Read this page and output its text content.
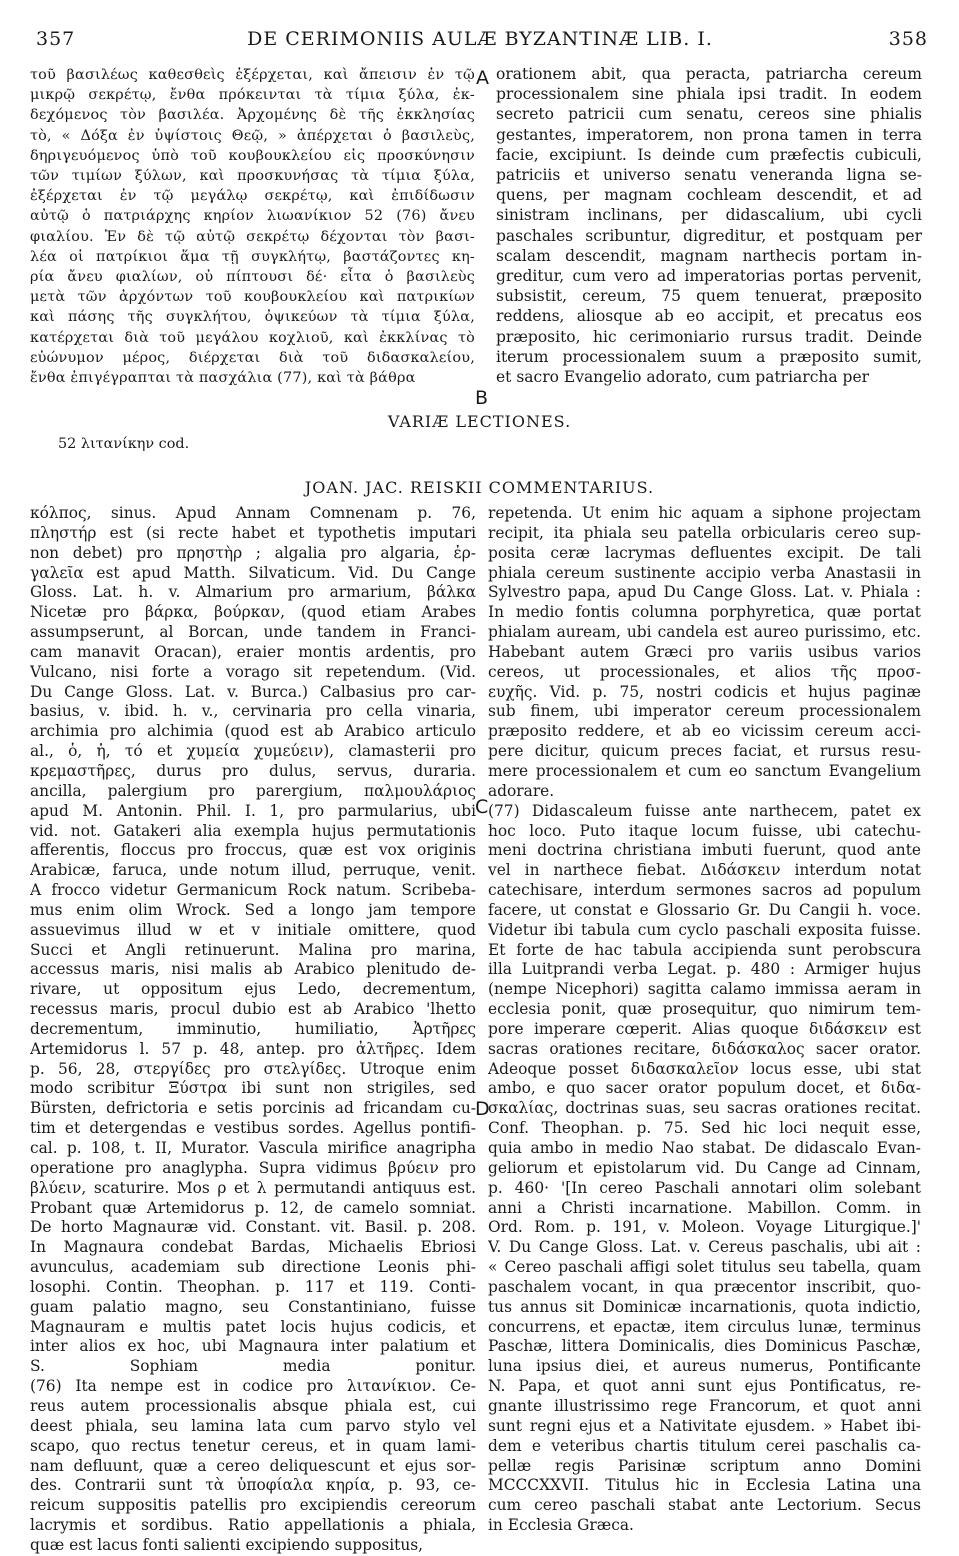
357	DE CERIMONIIS AULÆ BYZANTINÆ LIB. I.	358
τοῦ βασιλέως καθεσθεὶς ἐξέρχεται, καὶ ἄπεισιν ἐν τῷ
μικρῷ σεκρέτῳ, ἔνθα πρόκεινται τὰ τίμια ξύλα, ἐκ-
δεχόμενος τὸν βασιλέα. Ἀρχομένης δὲ τῆς ἐκκλησίας
τὸ, « Δόξα ἐν ὑψίστοις Θεῷ, » ἀπέρχεται ὁ βασιλεὺς,
δηριγευόμενος ὑπὸ τοῦ κουβουκλείου εἰς προσκύνησιν
τῶν τιμίων ξύλων, καὶ προσκυνήσας τὰ τίμια ξύλα,
ἐξέρχεται ἐν τῷ μεγάλῳ σεκρέτῳ, καὶ ἐπιδίδωσιν
αὐτῷ ὁ πατριάρχης κηρίον λιωανίκιον 52 (76) ἄνευ
φιαλίου. Ἐν δὲ τῷ αὐτῷ σεκρέτῳ δέχονται τὸν βασι-
λέα οἱ πατρίκιοι ἅμα τῇ συγκλήτῳ, βαστάζοντες κη-
ρία ἄνευ φιαλίων, οὐ πίπτουσι δέ· εἶτα ὁ βασιλεὺς
μετὰ τῶν ἀρχόντων τοῦ κουβουκλείου καὶ πατρικίων
καὶ πάσης τῆς συγκλήτου, ὀψικεύων τὰ τίμια ξύλα,
κατέρχεται διὰ τοῦ μεγάλου κοχλιοῦ, καὶ ἐκκλίνας τὸ
εὐώνυμον μέρος, διέρχεται διὰ τοῦ διδασκαλείου,
ἔνθα ἐπιγέγραπται τὰ πασχάλια (77), καὶ τὰ βάθρα
orationem abit, qua peracta, patriarcha cereum
processionalem sine phiala ipsi tradit. In eodem
secreto patricii cum senatu, cereos sine phialis
gestantes, imperatorem, non prona tamen in terra
facie, excipiunt. Is deinde cum præfectis cubiculi,
patriciis et universo senatu veneranda ligna se-
quens, per magnam cochleam descendit, et ad
sinistram inclinans, per didascalium, ubi cycli
paschales scribuntur, digreditur, et postquam per
scalam descendit, magnam narthecis portam in-
greditur, cum vero ad imperatorias portas pervenit,
subsistit, cereum, 75 quem tenuerat, præposito
reddens, aliosque ab eo accipit, et precatus eos
præposito, hic cerimoniario rursus tradit. Deinde
iterum processionalem suum a præposito sumit,
et sacro Evangelio adorato, cum patriarcha per
A
B
C
D
VARIÆ LECTIONES.
52 λιτανίκην cod.
JOAN. JAC. REISKII COMMENTARIUS.
κόλπος, sinus. Apud Annam Comnenam p. 76,
πληστήρ est (si recte habet et typothetis imputari
non debet) pro πρηστὴρ ; algalia pro algaria, ἐρ-
γαλεῖα est apud Matth. Silvaticum. Vid. Du Cange
Gloss. Lat. h. v. Almarium pro armarium, βάλκα
Nicetæ pro βάρκα, βούρκαν, (quod etiam Arabes
assumpserunt, al Borcan, unde tandem in Franci-
cam manavit Oracan), eraier montis ardentis, pro
Vulcano, nisi forte a vorago sit repetendum. (Vid.
Du Cange Gloss. Lat. v. Burca.) Calbasius pro car-
basius, v. ibid. h. v., cervinaria pro cella vinaria,
archimia pro alchimia (quod est ab Arabico articulo
al., ὁ, ἡ, τό et χυμεία χυμεύειν), clamasterii pro
κρεμαστῆρες, durus pro dulus, servus, duraria.
ancilla, palergium pro parergium, παλμουλάριος
apud M. Antonin. Phil. I. 1, pro parmularius, ubi
vid. not. Gatakeri alia exempla hujus permutationis
afferentis, floccus pro froccus, quæ est vox originis
Arabicæ, faruca, unde notum illud, perruque, venit.
A frocco videtur Germanicum Rock natum. Scribeba-
mus enim olim Wrock. Sed a longo jam tempore
assuevimus illud w et v initiale omittere, quod
Succi et Angli retinuerunt. Malina pro marina,
accessus maris, nisi malis ab Arabico plenitudo de-
rivare, ut oppositum ejus Ledo, decrementum,
recessus maris, procul dubio est ab Arabico 'lhetto
decrementum, imminutio, humiliatio, Ἀρτῆρες
Artemidorus l. 57 p. 48, antep. pro ἀλτῆρες. Idem
p. 56, 28, στεργίδες pro στελγίδες. Utroque enim
modo scribitur Ξύστρα ibi sunt non strigiles, sed
Bürsten, defrictoria e setis porcinis ad fricandam cu-
tim et detergendas e vestibus sordes. Agellus pontifi-
cal. p. 108, t. II, Murator. Vascula mirifice anagripha
operatione pro anaglypha. Supra vidimus βρύειν pro
βλύειν, scaturire. Mos ρ et λ permutandi antiquus est.
Probant quæ Artemidorus p. 12, de camelo somniat.
De horto Magnauræ vid. Constant. vit. Basil. p. 208.
In Magnaura condebat Bardas, Michaelis Ebriosi
avunculus, academiam sub directione Leonis phi-
losophi. Contin. Theophan. p. 117 et 119. Conti-
guam palatio magno, seu Constantiniano, fuisse
Magnauram e multis patet locis hujus codicis, et
inter alios ex hoc, ubi Magnaura inter palatium et
S. Sophiam media ponitur.
(76) Ita nempe est in codice pro λιτανίκιον. Ce-
reus autem processionalis absque phiala est, cui
deest phiala, seu lamina lata cum parvo stylo vel
scapo, quo rectus tenetur cereus, et in quam lami-
nam defluunt, quæ a cereo deliquescunt et ejus sor-
des. Contrarii sunt τὰ ὑποφίαλα κηρία, p. 93, ce-
reicum suppositis patellis pro excipiendis cereorum
lacrymis et sordibus. Ratio appellationis a phiala,
quæ est lacus fonti salienti excipiendo suppositus,
repetenda. Ut enim hic aquam a siphone projectam
recipit, ita phiala seu patella orbicularis cereo sup-
posita ceræ lacrymas defluentes excipit. De tali
phiala cereum sustinente accipio verba Anastasii in
Sylvestro papa, apud Du Cange Gloss. Lat. v. Phiala :
In medio fontis columna porphyretica, quæ portat
phialam auream, ubi candela est aureo purissimo, etc.
Habebant autem Græci pro variis usibus varios
cereos, ut processionales, et alios τῆς προσ-
ευχῆς. Vid. p. 75, nostri codicis et hujus paginæ
sub finem, ubi imperator cereum processionalem
præposito reddere, et ab eo vicissim cereum acci-
pere dicitur, quicum preces faciat, et rursus resu-
mere processionalem et cum eo sanctum Evangelium
adorare.
(77) Didascaleum fuisse ante narthecem, patet ex
hoc loco. Puto itaque locum fuisse, ubi catechu-
meni doctrina christiana imbuti fuerunt, quod ante
vel in narthece fiebat. Διδάσκειν interdum notat
catechisare, interdum sermones sacros ad populum
facere, ut constat e Glossario Gr. Du Cangii h. voce.
Videtur ibi tabula cum cyclo paschali exposita fuisse.
Et forte de hac tabula accipienda sunt perobscura
illa Luitprandi verba Legat. p. 480 : Armiger hujus
(nempe Nicephori) sagitta calamo immissa aeram in
ecclesia ponit, quæ prosequitur, quo nimirum tem-
pore imperare cœperit. Alias quoque διδάσκειν est
sacras orationes recitare, διδάσκαλος sacer orator.
Adeoque posset διδασκαλεῖον locus esse, ubi stat
ambo, e quo sacer orator populum docet, et διδα-
σκαλίας, doctrinas suas, seu sacras orationes recitat.
Conf. Theophan. p. 75. Sed hic loci nequit esse,
quia ambo in medio Nao stabat. De didascalo Evan-
geliorum et epistolarum vid. Du Cange ad Cinnam,
p. 460· '[In cereo Paschali annotari olim solebant
anni a Christi incarnatione. Mabillon. Comm. in
Ord. Rom. p. 191, v. Moleon. Voyage Liturgique.]'
V. Du Cange Gloss. Lat. v. Cereus paschalis, ubi ait :
« Cereo paschali affigi solet titulus seu tabella, quam
paschalem vocant, in qua præcentor inscribit, quo-
tus annus sit Dominicæ incarnationis, quota indictio,
concurrens, et epactæ, item circulus lunæ, terminus
Paschæ, littera Dominicalis, dies Dominicus Paschæ,
luna ipsius diei, et aureus numerus, Pontificante
N. Papa, et quot anni sunt ejus Pontificatus, re-
gnante illustrissimo rege Francorum, et quot anni
sunt regni ejus et a Nativitate ejusdem. » Habet ibi-
dem e veteribus chartis titulum cerei paschalis ca-
pellæ regis Parisinæ scriptum anno Domini
MCCCXXVII. Titulus hic in Ecclesia Latina una
cum cereo paschali stabat ante Lectorium. Secus
in Ecclesia Græca.
